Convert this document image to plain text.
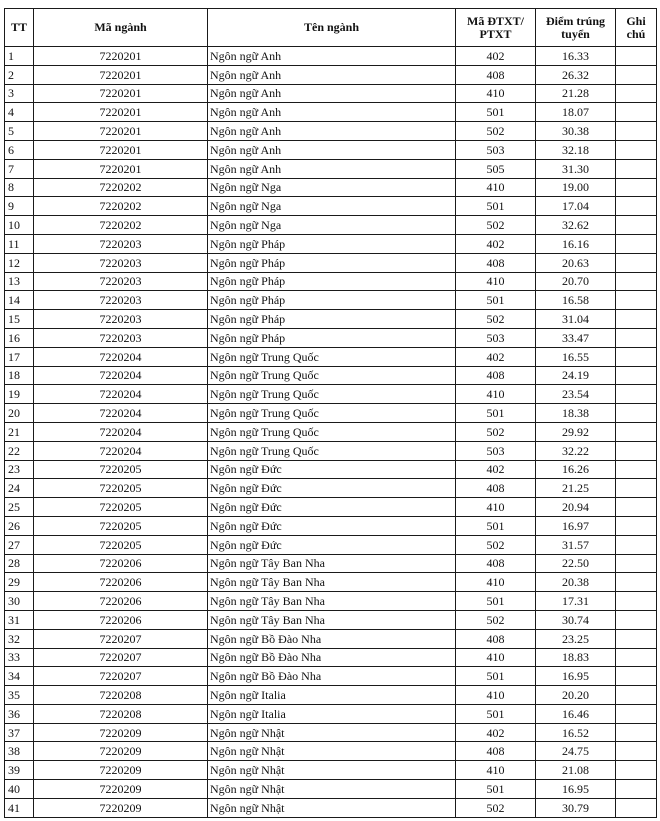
TT	Mã ngành	Tên ngành	Mã ĐTXT/ PTXT	Điểm trúng tuyển	Ghi chú
1	7220201	Ngôn ngữ Anh	402	16.33	
2	7220201	Ngôn ngữ Anh	408	26.32	
3	7220201	Ngôn ngữ Anh	410	21.28	
4	7220201	Ngôn ngữ Anh	501	18.07	
5	7220201	Ngôn ngữ Anh	502	30.38	
6	7220201	Ngôn ngữ Anh	503	32.18	
7	7220201	Ngôn ngữ Anh	505	31.30	
8	7220202	Ngôn ngữ Nga	410	19.00	
9	7220202	Ngôn ngữ Nga	501	17.04	
10	7220202	Ngôn ngữ Nga	502	32.62	
11	7220203	Ngôn ngữ Pháp	402	16.16	
12	7220203	Ngôn ngữ Pháp	408	20.63	
13	7220203	Ngôn ngữ Pháp	410	20.70	
14	7220203	Ngôn ngữ Pháp	501	16.58	
15	7220203	Ngôn ngữ Pháp	502	31.04	
16	7220203	Ngôn ngữ Pháp	503	33.47	
17	7220204	Ngôn ngữ Trung Quốc	402	16.55	
18	7220204	Ngôn ngữ Trung Quốc	408	24.19	
19	7220204	Ngôn ngữ Trung Quốc	410	23.54	
20	7220204	Ngôn ngữ Trung Quốc	501	18.38	
21	7220204	Ngôn ngữ Trung Quốc	502	29.92	
22	7220204	Ngôn ngữ Trung Quốc	503	32.22	
23	7220205	Ngôn ngữ Đức	402	16.26	
24	7220205	Ngôn ngữ Đức	408	21.25	
25	7220205	Ngôn ngữ Đức	410	20.94	
26	7220205	Ngôn ngữ Đức	501	16.97	
27	7220205	Ngôn ngữ Đức	502	31.57	
28	7220206	Ngôn ngữ Tây Ban Nha	408	22.50	
29	7220206	Ngôn ngữ Tây Ban Nha	410	20.38	
30	7220206	Ngôn ngữ Tây Ban Nha	501	17.31	
31	7220206	Ngôn ngữ Tây Ban Nha	502	30.74	
32	7220207	Ngôn ngữ Bồ Đào Nha	408	23.25	
33	7220207	Ngôn ngữ Bồ Đào Nha	410	18.83	
34	7220207	Ngôn ngữ Bồ Đào Nha	501	16.95	
35	7220208	Ngôn ngữ Italia	410	20.20	
36	7220208	Ngôn ngữ Italia	501	16.46	
37	7220209	Ngôn ngữ Nhật	402	16.52	
38	7220209	Ngôn ngữ Nhật	408	24.75	
39	7220209	Ngôn ngữ Nhật	410	21.08	
40	7220209	Ngôn ngữ Nhật	501	16.95	
41	7220209	Ngôn ngữ Nhật	502	30.79	
